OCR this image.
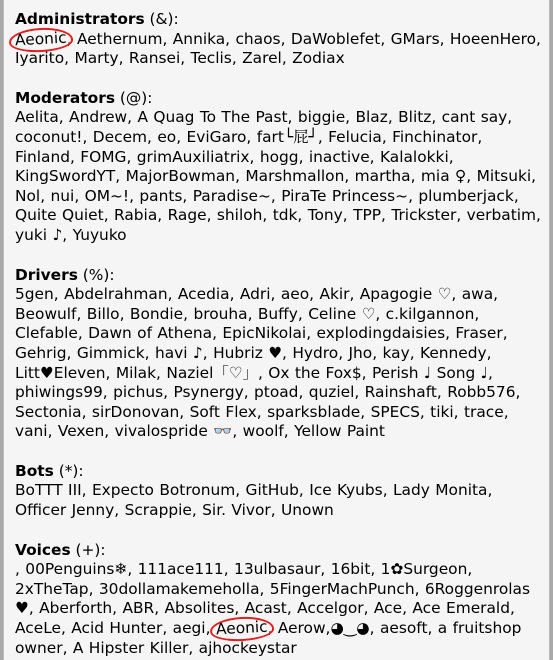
Administrators (&):
Aeonic, Aethernum, Annika, chaos, DaWoblefet, GMars, HoeenHero, Iyarito, Marty, Ransei, Teclis, Zarel, Zodiax
Moderators (@):
Aelita, Andrew, A Quag To The Past, biggie, Blaz, Blitz, cant say, coconut!, Decem, eo, EviGaro, fart└屁┘, Felucia, Finchinator, Finland, FOMG, grimAuxiliatrix, hogg, inactive, Kalalokki, KingSwordYT, MajorBowman, Marshmallon, martha, mia ♀, Mitsuki, Nol, nui, OM~!, pants, Paradise~, PiraTe Princess~, plumberjack, Quite Quiet, Rabia, Rage, shiloh, tdk, Tony, TPP, Trickster, verbatim, yuki ♪, Yuyuko
Drivers (%):
5gen, Abdelrahman, Acedia, Adri, aeo, Akir, Apagogie ♡, awa, Beowulf, Billo, Bondie, brouha, Buffy, Celine ♡, c.kilgannon, Clefable, Dawn of Athena, EpicNikolai, explodingdaisies, Fraser, Gehrig, Gimmick, havi ♪, Hubriz ♥, Hydro, Jho, kay, Kennedy, Litt♥Eleven, Milak, Naziel「♡」, Ox the Fox$, Perish ♩ Song ♩, phiwings99, pichus, Psynergy, ptoad, quziel, Rainshaft, Robb576, Sectonia, sirDonovan, Soft Flex, sparksblade, SPECS, tiki, trace, vani, Vexen, vivalospride 👓, woolf, Yellow Paint
Bots (*):
BoTTT III, Expecto Botronum, GitHub, Ice Kyubs, Lady Monita, Officer Jenny, Scrappie, Sir. Vivor, Unown
Voices (+):
, 00Penguins❄, 111ace111, 13ulbasaur, 16bit, 1✿Surgeon, 2xTheTap, 30dollamakemeholla, 5FingerMachPunch, 6Roggenrolas ♥, Aberforth, ABR, Absolites, Acast, Accelgor, Ace, Ace Emerald, AceLe, Acid Hunter, aegi, Aeonic, Aerow,◕‿◕, aesoft, a fruitshop owner, A Hipster Killer, ajhockeystar
